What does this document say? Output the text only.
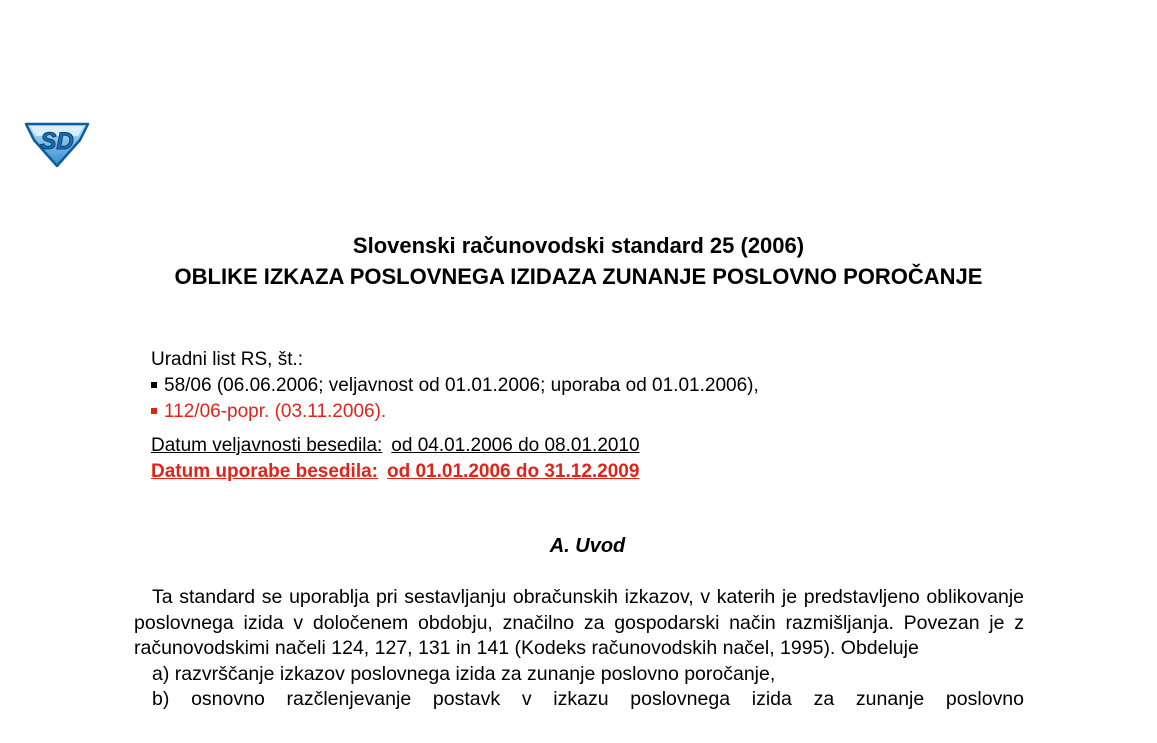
SD
Slovenski računovodski standard 25 (2006)
OBLIKE IZKAZA POSLOVNEGA IZIDAZA ZUNANJE POSLOVNO POROČANJE
Uradni list RS, št.:
58/06 (06.06.2006; veljavnost od 01.01.2006; uporaba od 01.01.2006),
112/06-popr. (03.11.2006).
Datum veljavnosti besedila: od 04.01.2006 do 08.01.2010
Datum uporabe besedila: od 01.01.2006 do 31.12.2009
A. Uvod

Ta standard se uporablja pri sestavljanju obračunskih izkazov, v katerih je predstavljeno oblikovanje poslovnega izida v določenem obdobju, značilno za gospodarski način razmišljanja. Povezan je z računovodskimi načeli 124, 127, 131 in 141 (Kodeks računovodskih načel, 1995). Obdeluje

a) razvrščanje izkazov poslovnega izida za zunanje poslovno poročanje,
b) osnovno razčlenjevanje postavk v izkazu poslovnega izida za zunanje poslovno
